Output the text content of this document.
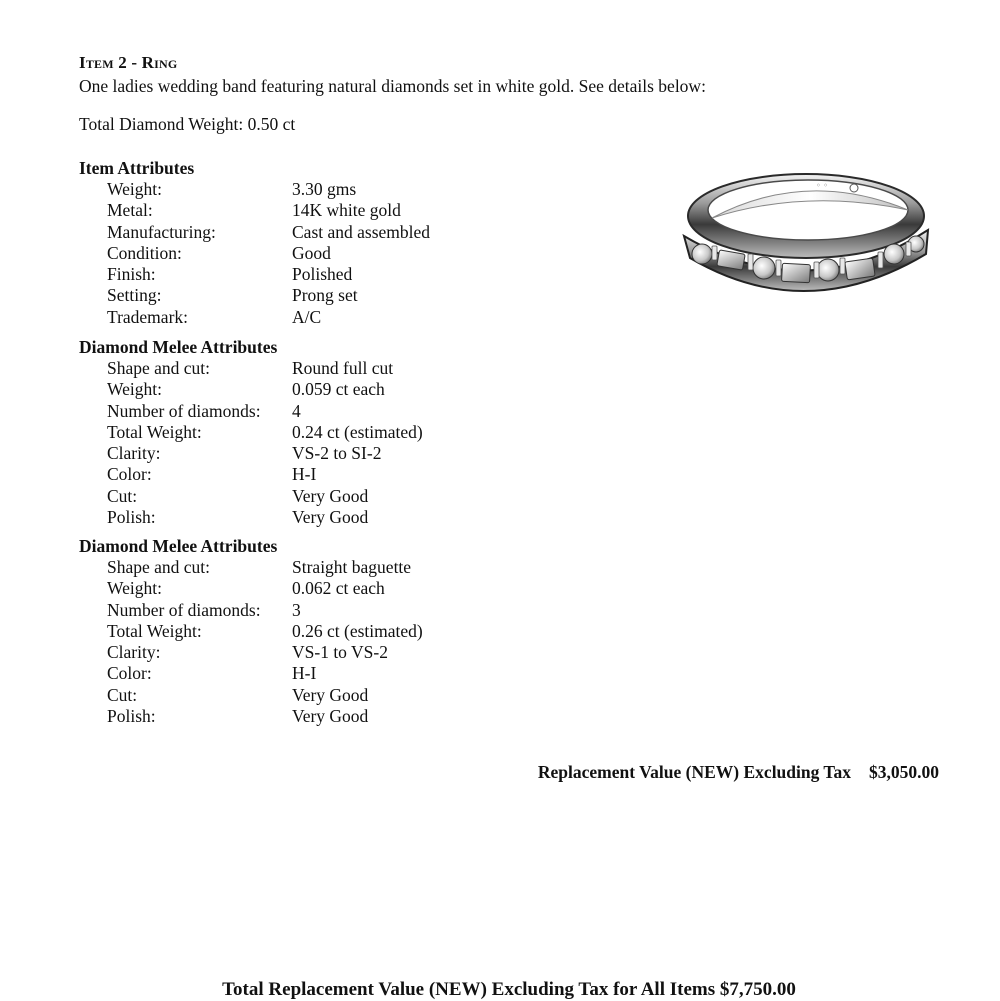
Item 2 - Ring
One ladies wedding band featuring natural diamonds set in white gold. See details below:
Total Diamond Weight: 0.50 ct
Item Attributes
Weight:	3.30 gms
Metal:	14K white gold
Manufacturing:	Cast and assembled
Condition:	Good
Finish:	Polished
Setting:	Prong set
Trademark:	A/C
Diamond Melee Attributes
Shape and cut:	Round full cut
Weight:	0.059 ct each
Number of diamonds: 4
Total Weight:	0.24 ct (estimated)
Clarity:	VS-2 to SI-2
Color:	H-I
Cut:	Very Good
Polish:	Very Good
Diamond Melee Attributes
Shape and cut:	Straight baguette
Weight:	0.062 ct each
Number of diamonds: 3
Total Weight:	0.26 ct (estimated)
Clarity:	VS-1 to VS-2
Color:	H-I
Cut:	Very Good
Polish:	Very Good
◦ ◦
Replacement Value (NEW) Excluding Tax $3,050.00
Total Replacement Value (NEW) Excluding Tax for All Items $7,750.00
